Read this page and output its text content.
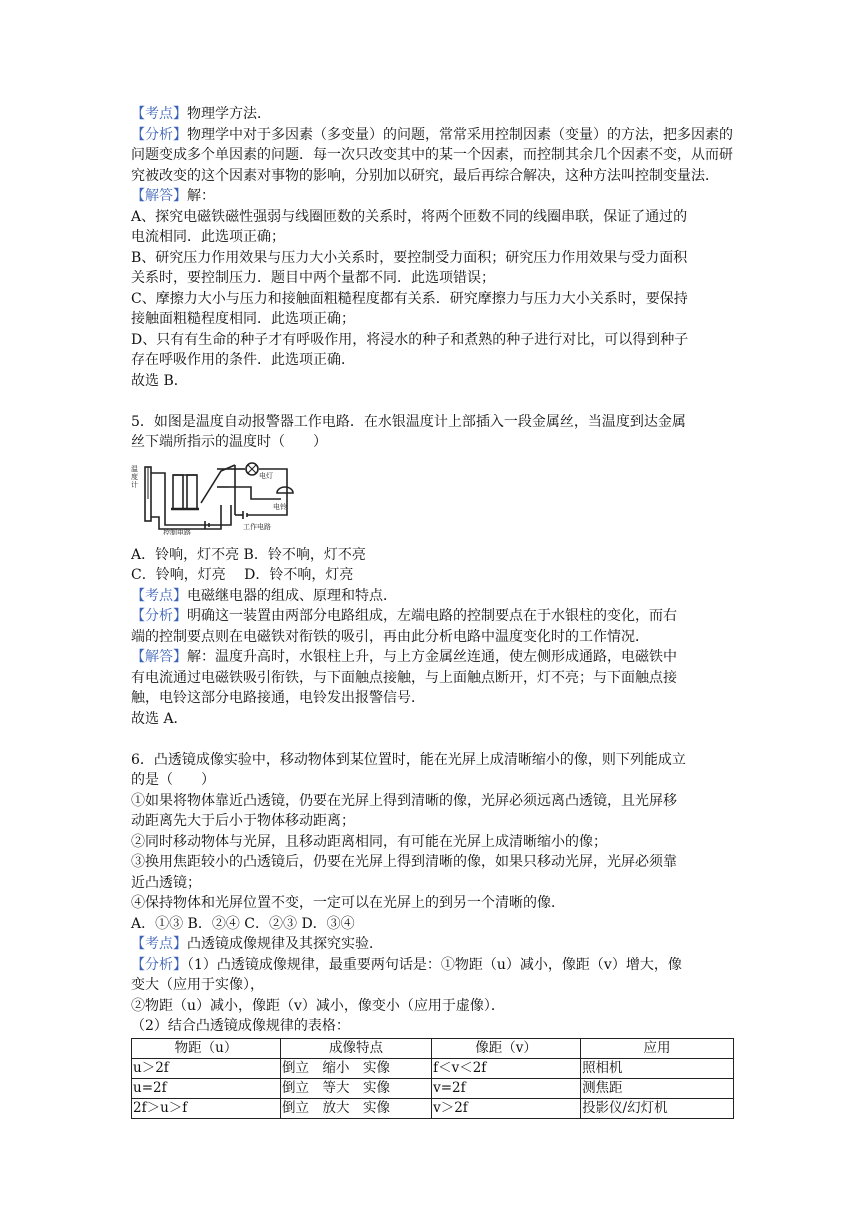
【考点】物理学方法．

【分析】物理学中对于多因素（多变量）的问题，常常采用控制因素（变量）的方法，把多因素的问题变成多个单因素的问题．每一次只改变其中的某一个因素，而控制其余几个因素不变，从而研究被改变的这个因素对事物的影响，分别加以研究，最后再综合解决，这种方法叫控制变量法．

【解答】解：

A、探究电磁铁磁性强弱与线圈匝数的关系时，将两个匝数不同的线圈串联，保证了通过的

电流相同．此选项正确；

B、研究压力作用效果与压力大小关系时，要控制受力面积；研究压力作用效果与受力面积

关系时，要控制压力．题目中两个量都不同．此选项错误；

C、摩擦力大小与压力和接触面粗糙程度都有关系．研究摩擦力与压力大小关系时，要保持

接触面粗糙程度相同．此选项正确；

D、只有有生命的种子才有呼吸作用，将浸水的种子和煮熟的种子进行对比，可以得到种子

存在呼吸作用的条件．此选项正确．

故选 B．

5．如图是温度自动报警器工作电路．在水银温度计上部插入一段金属丝，当温度到达金属

丝下端所指示的温度时（　　）

温度计
控制电路
工作电路
电灯
电铃

A．铃响，灯不亮 B．铃不响，灯不亮

C．铃响，灯亮　 D．铃不响，灯亮

【考点】电磁继电器的组成、原理和特点．

【分析】明确这一装置由两部分电路组成，左端电路的控制要点在于水银柱的变化，而右

端的控制要点则在电磁铁对衔铁的吸引，再由此分析电路中温度变化时的工作情况．

【解答】解：温度升高时，水银柱上升，与上方金属丝连通，使左侧形成通路，电磁铁中

有电流通过电磁铁吸引衔铁，与下面触点接触，与上面触点断开，灯不亮；与下面触点接

触，电铃这部分电路接通，电铃发出报警信号．

故选 A．

6．凸透镜成像实验中，移动物体到某位置时，能在光屏上成清晰缩小的像，则下列能成立

的是（　　）

①如果将物体靠近凸透镜，仍要在光屏上得到清晰的像，光屏必须远离凸透镜，且光屏移

动距离先大于后小于物体移动距离；

②同时移动物体与光屏，且移动距离相同，有可能在光屏上成清晰缩小的像；

③换用焦距较小的凸透镜后，仍要在光屏上得到清晰的像，如果只移动光屏，光屏必须靠

近凸透镜；

④保持物体和光屏位置不变，一定可以在光屏上的到另一个清晰的像．

A．①③ B．②④ C．②③ D．③④

【考点】凸透镜成像规律及其探究实验．

【分析】（1）凸透镜成像规律，最重要两句话是：①物距（u）减小，像距（v）增大，像

变大（应用于实像），

②物距（u）减小，像距（v）减小，像变小（应用于虚像）．

（2）结合凸透镜成像规律的表格：

物距（u）	成像特点	像距（v）	应用
u＞2f	倒立　缩小　实像	f＜v＜2f	照相机
u=2f	倒立　等大　实像	v=2f	测焦距
2f＞u＞f	倒立　放大　实像	v＞2f	投影仪/幻灯机
